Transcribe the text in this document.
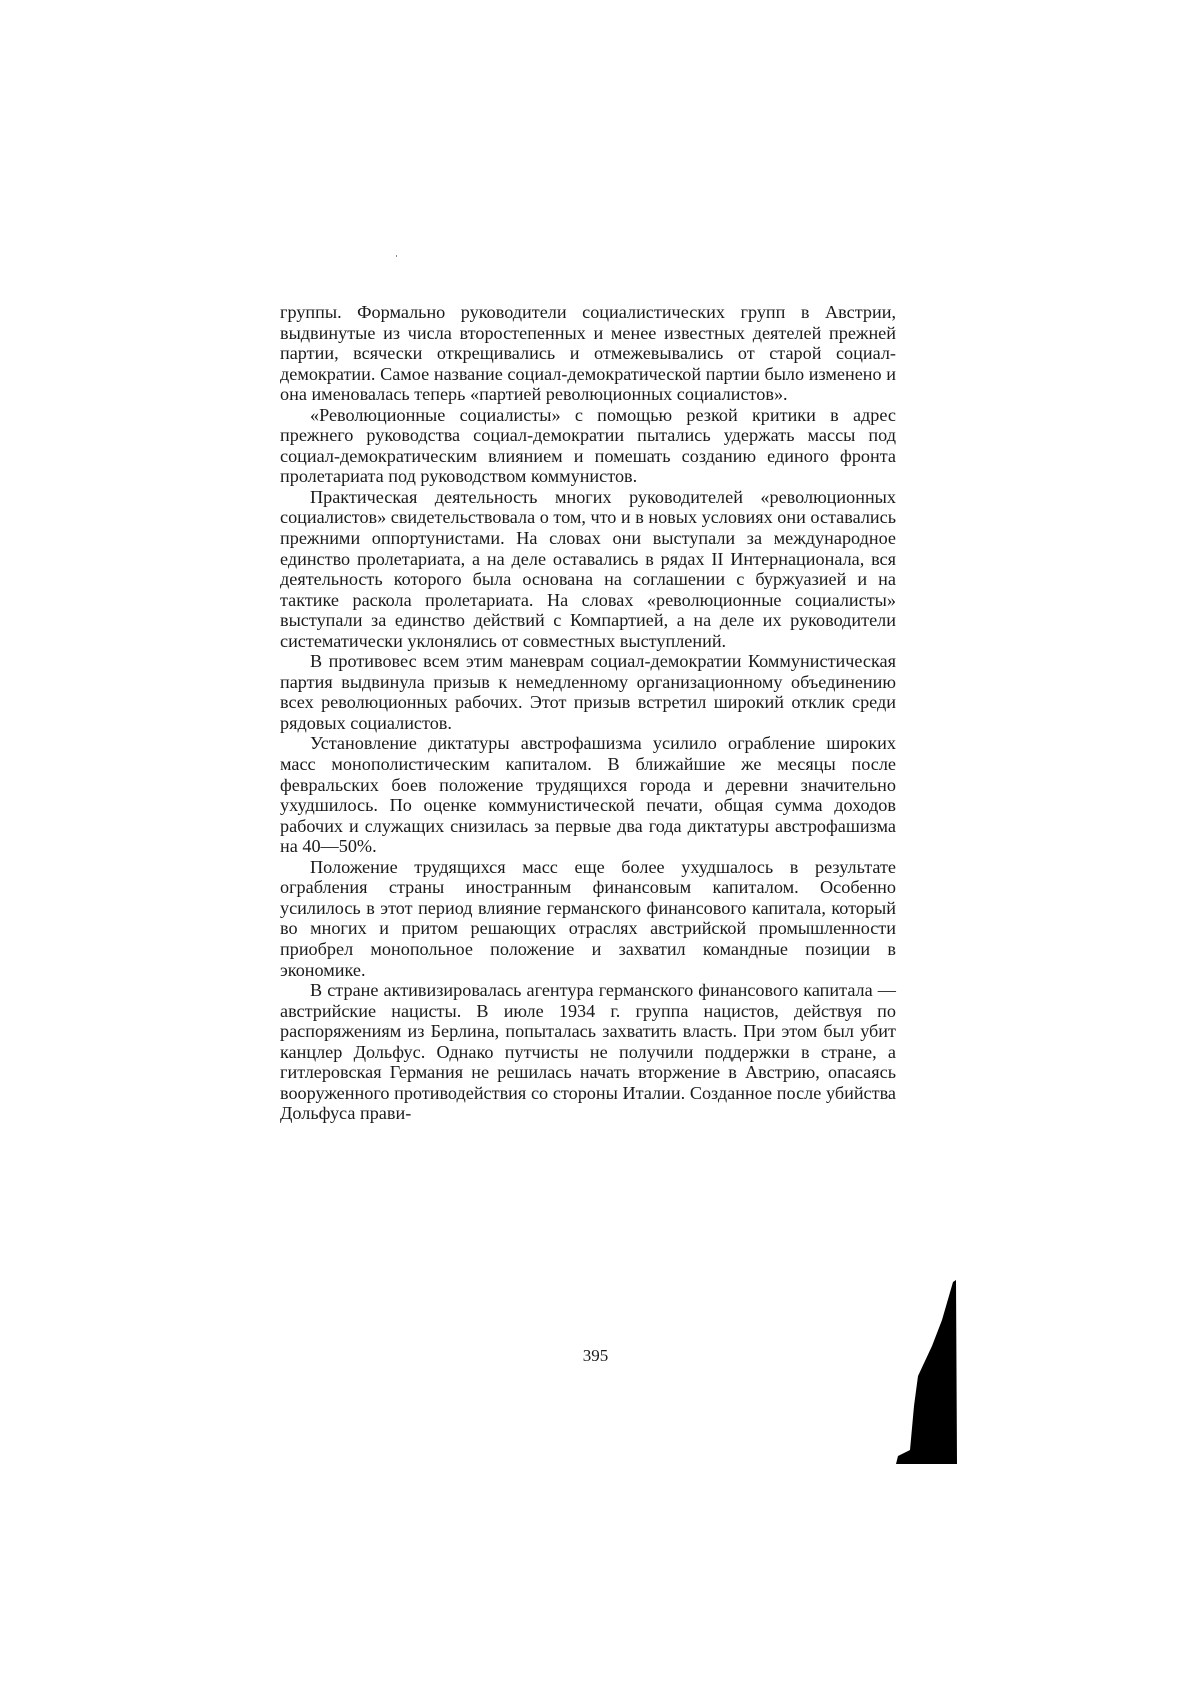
группы. Формально руководители социалистических групп в Австрии, выдвинутые из числа второстепенных и менее известных деятелей прежней партии, всячески открещивались и отмежевывались от старой социал-демократии. Самое название социал-демократической партии было изменено и она именовалась теперь «партией революционных социалистов».

«Революционные социалисты» с помощью резкой критики в адрес прежнего руководства социал-демократии пытались удержать массы под социал-демократическим влиянием и помешать созданию единого фронта пролетариата под руководством коммунистов.

Практическая деятельность многих руководителей «революционных социалистов» свидетельствовала о том, что и в новых условиях они оставались прежними оппортунистами. На словах они выступали за международное единство пролетариата, а на деле оставались в рядах II Интернационала, вся деятельность которого была основана на соглашении с буржуазией и на тактике раскола пролетариата. На словах «революционные социалисты» выступали за единство действий с Компартией, а на деле их руководители систематически уклонялись от совместных выступлений.

В противовес всем этим маневрам социал-демократии Коммунистическая партия выдвинула призыв к немедленному организационному объединению всех революционных рабочих. Этот призыв встретил широкий отклик среди рядовых социалистов.

Установление диктатуры австрофашизма усилило ограбление широких масс монополистическим капиталом. В ближайшие же месяцы после февральских боев положение трудящихся города и деревни значительно ухудшилось. По оценке коммунистической печати, общая сумма доходов рабочих и служащих снизилась за первые два года диктатуры австрофашизма на 40—50%.

Положение трудящихся масс еще более ухудшалось в результате ограбления страны иностранным финансовым капиталом. Особенно усилилось в этот период влияние германского финансового капитала, который во многих и притом решающих отраслях австрийской промышленности приобрел монопольное положение и захватил командные позиции в экономике.

В стране активизировалась агентура германского финансового капитала — австрийские нацисты. В июле 1934 г. группа нацистов, действуя по распоряжениям из Берлина, попыталась захватить власть. При этом был убит канцлер Дольфус. Однако путчисты не получили поддержки в стране, а гитлеровская Германия не решилась начать вторжение в Австрию, опасаясь вооруженного противодействия со стороны Италии. Созданное после убийства Дольфуса прави-

395
